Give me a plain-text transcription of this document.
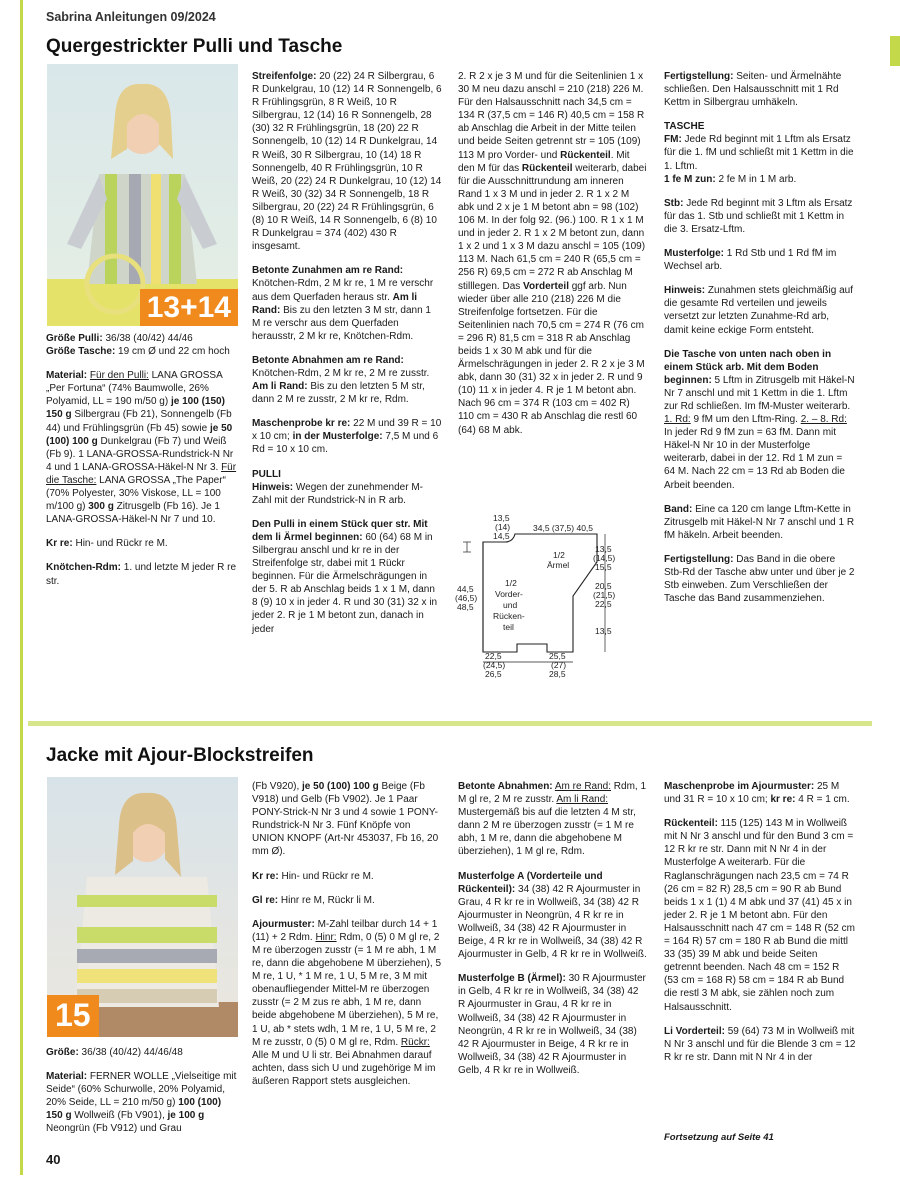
Sabrina Anleitungen 09/2024
Quergestrickter Pulli und Tasche
13+14

Größe Pulli: 36/38 (40/42) 44/46
Größe Tasche: 19 cm Ø und 22 cm hoch

Material: Für den Pulli: LANA GROSSA „Per Fortuna“ (74% Baumwolle, 26% Polyamid, LL = 190 m/50 g) je 100 (150) 150 g Silbergrau (Fb 21), Sonnengelb (Fb 44) und Frühlingsgrün (Fb 45) sowie je 50 (100) 100 g Dunkelgrau (Fb 7) und Weiß (Fb 9). 1 LANA-GROSSA-Rundstrick-N Nr 4 und 1 LANA-GROSSA-Häkel-N Nr 3. Für die Tasche: LANA GROSSA „The Paper“ (70% Polyester, 30% Viskose, LL = 100 m/100 g) 300 g Zitrusgelb (Fb 16). Je 1 LANA-GROSSA-Häkel-N Nr 7 und 10.

Kr re: Hin- und Rückr re M.

Knötchen-Rdm: 1. und letzte M jeder R re str.

Streifenfolge: 20 (22) 24 R Silbergrau, 6 R Dunkelgrau, 10 (12) 14 R Sonnengelb, 6 R Frühlingsgrün, 8 R Weiß, 10 R Silbergrau, 12 (14) 16 R Sonnengelb, 28 (30) 32 R Frühlingsgrün, 18 (20) 22 R Sonnengelb, 10 (12) 14 R Dunkelgrau, 14 R Weiß, 30 R Silbergrau, 10 (14) 18 R Sonnengelb, 40 R Frühlingsgrün, 10 R Weiß, 20 (22) 24 R Dunkelgrau, 10 (12) 14 R Weiß, 30 (32) 34 R Sonnengelb, 18 R Silbergrau, 20 (22) 24 R Frühlingsgrün, 6 (8) 10 R Weiß, 14 R Sonnengelb, 6 (8) 10 R Dunkelgrau = 374 (402) 430 R insgesamt.

Betonte Zunahmen am re Rand: Knötchen-Rdm, 2 M kr re, 1 M re verschr aus dem Querfaden heraus str. Am li Rand: Bis zu den letzten 3 M str, dann 1 M re verschr aus dem Querfaden herausstr, 2 M kr re, Knötchen-Rdm.

Betonte Abnahmen am re Rand: Knötchen-Rdm, 2 M kr re, 2 M re zusstr. Am li Rand: Bis zu den letzten 5 M str, dann 2 M re zusstr, 2 M kr re, Rdm.

Maschenprobe kr re: 22 M und 39 R = 10 x 10 cm; in der Musterfolge: 7,5 M und 6 Rd = 10 x 10 cm.

PULLI
Hinweis: Wegen der zunehmender M-Zahl mit der Rundstrick-N in R arb.

Den Pulli in einem Stück quer str. Mit dem li Ärmel beginnen: 60 (64) 68 M in Silbergrau anschl und kr re in der Streifenfolge str, dabei mit 1 Rückr beginnen. Für die Ärmelschrägungen in der 5. R ab Anschlag beids 1 x 1 M, dann 8 (9) 10 x in jeder 4. R und 30 (31) 32 x in jeder 2. R je 1 M betont zun, danach in jeder

2. R 2 x je 3 M und für die Seitenlinien 1 x 30 M neu dazu anschl = 210 (218) 226 M. Für den Halsausschnitt nach 34,5 cm = 134 R (37,5 cm = 146 R) 40,5 cm = 158 R ab Anschlag die Arbeit in der Mitte teilen und beide Seiten getrennt str = 105 (109) 113 M pro Vorder- und Rückenteil. Mit den M für das Rückenteil weiterarb, dabei für die Ausschnittrundung am inneren Rand 1 x 3 M und in jeder 2. R 1 x 2 M abk und 2 x je 1 M betont abn = 98 (102) 106 M. In der folg 92. (96.) 100. R 1 x 1 M und in jeder 2. R 1 x 2 M betont zun, dann 1 x 2 und 1 x 3 M dazu anschl = 105 (109) 113 M. Nach 61,5 cm = 240 R (65,5 cm = 256 R) 69,5 cm = 272 R ab Anschlag M stilllegen. Das Vorderteil ggf arb. Nun wieder über alle 210 (218) 226 M die Streifenfolge fortsetzen. Für die Seitenlinien nach 70,5 cm = 274 R (76 cm = 296 R) 81,5 cm = 318 R ab Anschlag beids 1 x 30 M abk und für die Ärmelschrägungen in jeder 2. R 2 x je 3 M abk, dann 30 (31) 32 x in jeder 2. R und 9 (10) 11 x in jeder 4. R je 1 M betont abn. Nach 96 cm = 374 R (103 cm = 402 R) 110 cm = 430 R ab Anschlag die restl 60 (64) 68 M abk.

13,5
(14)
14,5
34,5 (37,5) 40,5
1/2
Ärmel
1/2
Vorder-
und
Rücken-
teil
44,5
(46,5)
48,5
13,5
(14,5)
15,5
20,5
(21,5)
22,5
13,5
22,5
(24,5)
26,5
25,5
(27)
28,5

Fertigstellung: Seiten- und Ärmelnähte schließen. Den Halsausschnitt mit 1 Rd Kettm in Silbergrau umhäkeln.

TASCHE
FM: Jede Rd beginnt mit 1 Lftm als Ersatz für die 1. fM und schließt mit 1 Kettm in die 1. Lftm.
1 fe M zun: 2 fe M in 1 M arb.

Stb: Jede Rd beginnt mit 3 Lftm als Ersatz für das 1. Stb und schließt mit 1 Kettm in die 3. Ersatz-Lftm.

Musterfolge: 1 Rd Stb und 1 Rd fM im Wechsel arb.

Hinweis: Zunahmen stets gleichmäßig auf die gesamte Rd verteilen und jeweils versetzt zur letzten Zunahme-Rd arb, damit keine eckige Form entsteht.

Die Tasche von unten nach oben in einem Stück arb. Mit dem Boden beginnen: 5 Lftm in Zitrusgelb mit Häkel-N Nr 7 anschl und mit 1 Kettm in die 1. Lftm zur Rd schließen. Im fM-Muster weiterarb. 1. Rd: 9 fM um den Lftm-Ring. 2. – 8. Rd: In jeder Rd 9 fM zun = 63 fM. Dann mit Häkel-N Nr 10 in der Musterfolge weiterarb, dabei in der 12. Rd 1 M zun = 64 M. Nach 22 cm = 13 Rd ab Boden die Arbeit beenden.

Band: Eine ca 120 cm lange Lftm-Kette in Zitrusgelb mit Häkel-N Nr 7 anschl und 1 R fM häkeln. Arbeit beenden.

Fertigstellung: Das Band in die obere Stb-Rd der Tasche abw unter und über je 2 Stb einweben. Zum Verschließen der Tasche das Band zusammenziehen.

Jacke mit Ajour-Blockstreifen
15

Größe: 36/38 (40/42) 44/46/48

Material: FERNER WOLLE „Vielseitige mit Seide“ (60% Schurwolle, 20% Polyamid, 20% Seide, LL = 210 m/50 g) 100 (100) 150 g Wollweiß (Fb V901), je 100 g Neongrün (Fb V912) und Grau

(Fb V920), je 50 (100) 100 g Beige (Fb V918) und Gelb (Fb V902). Je 1 Paar PONY-Strick-N Nr 3 und 4 sowie 1 PONY-Rundstrick-N Nr 3. Fünf Knöpfe von UNION KNOPF (Art-Nr 453037, Fb 16, 20 mm Ø).

Kr re: Hin- und Rückr re M.

Gl re: Hinr re M, Rückr li M.

Ajourmuster: M-Zahl teilbar durch 14 + 1 (11) + 2 Rdm. Hinr: Rdm, 0 (5) 0 M gl re, 2 M re überzogen zusstr (= 1 M re abh, 1 M re, dann die abgehobene M überziehen), 5 M re, 1 U, * 1 M re, 1 U, 5 M re, 3 M mit obenaufliegender Mittel-M re überzogen zusstr (= 2 M zus re abh, 1 M re, dann beide abgehobene M überziehen), 5 M re, 1 U, ab * stets wdh, 1 M re, 1 U, 5 M re, 2 M re zusstr, 0 (5) 0 M gl re, Rdm. Rückr: Alle M und U li str. Bei Abnahmen darauf achten, dass sich U und zugehörige M im äußeren Rapport stets ausgleichen.

Betonte Abnahmen: Am re Rand: Rdm, 1 M gl re, 2 M re zusstr. Am li Rand: Mustergemäß bis auf die letzten 4 M str, dann 2 M re überzogen zusstr (= 1 M re abh, 1 M re, dann die abgehobene M überziehen), 1 M gl re, Rdm.

Musterfolge A (Vorderteile und Rückenteil): 34 (38) 42 R Ajourmuster in Grau, 4 R kr re in Wollweiß, 34 (38) 42 R Ajourmuster in Neongrün, 4 R kr re in Wollweiß, 34 (38) 42 R Ajourmuster in Beige, 4 R kr re in Wollweiß, 34 (38) 42 R Ajourmuster in Gelb, 4 R kr re in Wollweiß.

Musterfolge B (Ärmel): 30 R Ajourmuster in Gelb, 4 R kr re in Wollweiß, 34 (38) 42 R Ajourmuster in Grau, 4 R kr re in Wollweiß, 34 (38) 42 R Ajourmuster in Neongrün, 4 R kr re in Wollweiß, 34 (38) 42 R Ajourmuster in Beige, 4 R kr re in Wollweiß, 34 (38) 42 R Ajourmuster in Gelb, 4 R kr re in Wollweiß.

Maschenprobe im Ajourmuster: 25 M und 31 R = 10 x 10 cm; kr re: 4 R = 1 cm.

Rückenteil: 115 (125) 143 M in Wollweiß mit N Nr 3 anschl und für den Bund 3 cm = 12 R kr re str. Dann mit N Nr 4 in der Musterfolge A weiterarb. Für die Raglanschrägungen nach 23,5 cm = 74 R (26 cm = 82 R) 28,5 cm = 90 R ab Bund beids 1 x 1 (1) 4 M abk und 37 (41) 45 x in jeder 2. R je 1 M betont abn. Für den Halsausschnitt nach 47 cm = 148 R (52 cm = 164 R) 57 cm = 180 R ab Bund die mittl 33 (35) 39 M abk und beide Seiten getrennt beenden. Nach 48 cm = 152 R (53 cm = 168 R) 58 cm = 184 R ab Bund die restl 3 M abk, sie zählen noch zum Halsausschnitt.

Li Vorderteil: 59 (64) 73 M in Wollweiß mit N Nr 3 anschl und für die Blende 3 cm = 12 R kr re str. Dann mit N Nr 4 in der

Fortsetzung auf Seite 41
40
